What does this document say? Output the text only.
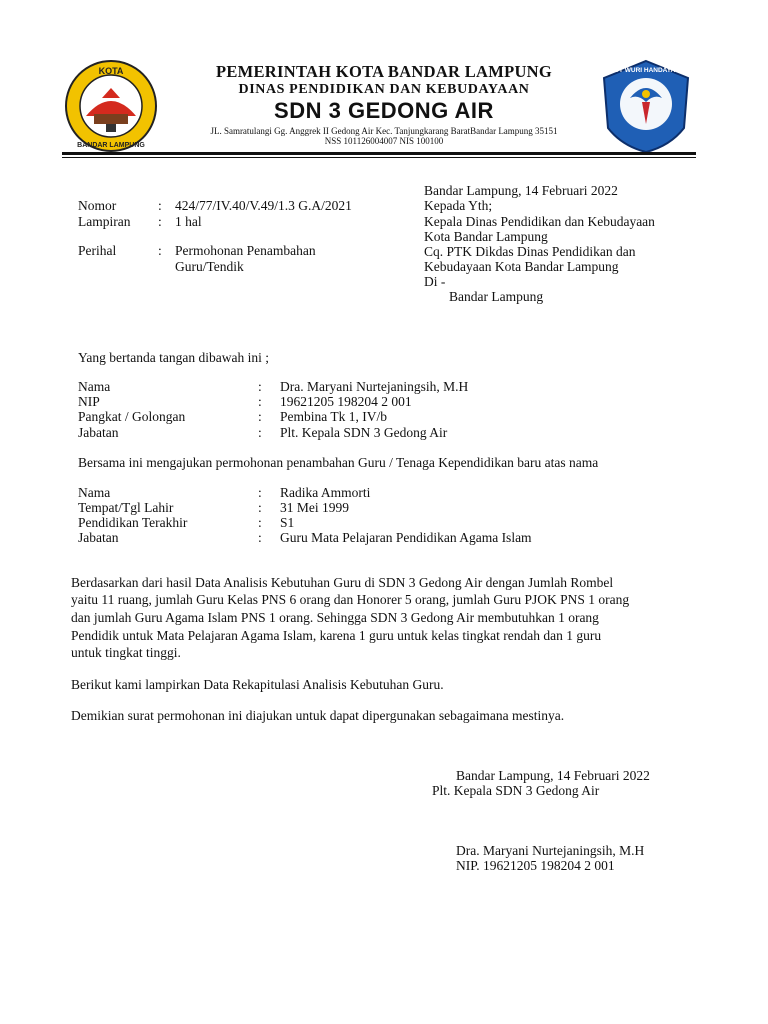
KOTA
BANDAR LAMPUNG
TUT WURI HANDAYANI
PEMERINTAH KOTA BANDAR LAMPUNG
DINAS PENDIDIKAN DAN KEBUDAYAAN
SDN 3 GEDONG AIR
JL. Samratulangi Gg. Anggrek II Gedong Air Kec. Tanjungkarang BaratBandar Lampung 35151
NSS 101126004007 NIS 100100
Nomor	: 424/77/IV.40/V.49/1.3 G.A/2021
Lampiran : 1 hal
Perihal	: Permohonan Penambahan
Guru/Tendik
Bandar Lampung, 14 Februari 2022
Kepada Yth;
Kepala Dinas Pendidikan dan Kebudayaan
Kota Bandar Lampung
Cq. PTK Dikdas Dinas Pendidikan dan
Kebudayaan Kota Bandar Lampung
Di -
Bandar Lampung
Yang bertanda tangan dibawah ini ;
Nama	: Dra. Maryani Nurtejaningsih, M.H
NIP	: 19621205 198204 2 001
Pangkat / Golongan	: Pembina Tk 1, IV/b
Jabatan	: Plt. Kepala SDN 3 Gedong Air
Bersama ini mengajukan permohonan penambahan Guru / Tenaga Kependidikan baru atas nama
Nama	: Radika Ammorti
Tempat/Tgl Lahir	: 31 Mei 1999
Pendidikan Terakhir	: S1
Jabatan	: Guru Mata Pelajaran Pendidikan Agama Islam
Berdasarkan dari hasil Data Analisis Kebutuhan Guru di SDN 3 Gedong Air dengan Jumlah Rombel
yaitu 11 ruang, jumlah Guru Kelas PNS 6 orang dan Honorer 5 orang, jumlah Guru PJOK PNS 1 orang
dan jumlah Guru Agama Islam PNS 1 orang. Sehingga SDN 3 Gedong Air membutuhkan 1 orang
Pendidik untuk Mata Pelajaran Agama Islam, karena 1 guru untuk kelas tingkat rendah dan 1 guru
untuk tingkat tinggi.
Berikut kami lampirkan Data Rekapitulasi Analisis Kebutuhan Guru.
Demikian surat permohonan ini diajukan untuk dapat dipergunakan sebagaimana mestinya.
Bandar Lampung, 14 Februari 2022
Plt. Kepala SDN 3 Gedong Air
Dra. Maryani Nurtejaningsih, M.H
NIP. 19621205 198204 2 001
